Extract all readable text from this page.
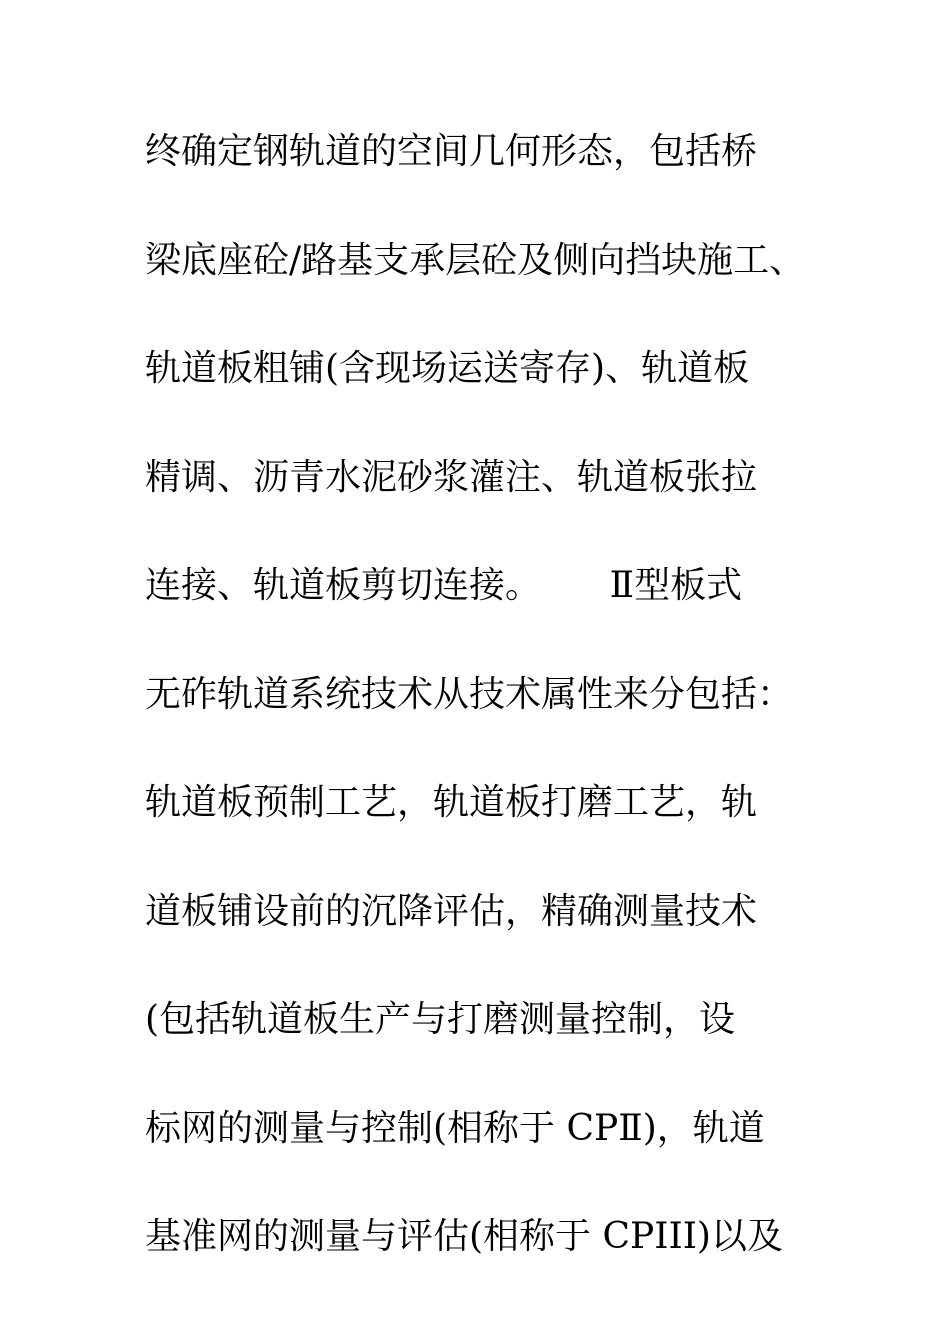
终确定钢轨道的空间几何形态，包括桥
梁底座砼/路基支承层砼及侧向挡块施工、
轨道板粗铺(含现场运送寄存)、轨道板
精调、沥青水泥砂浆灌注、轨道板张拉
连接、轨道板剪切连接。      Ⅱ型板式
无砟轨道系统技术从技术属性来分包括：
轨道板预制工艺，轨道板打磨工艺，轨
道板铺设前的沉降评估，精确测量技术
(包括轨道板生产与打磨测量控制，设
标网的测量与控制(相称于 CPⅡ)，轨道
基准网的测量与评估(相称于 CPIII)以及
